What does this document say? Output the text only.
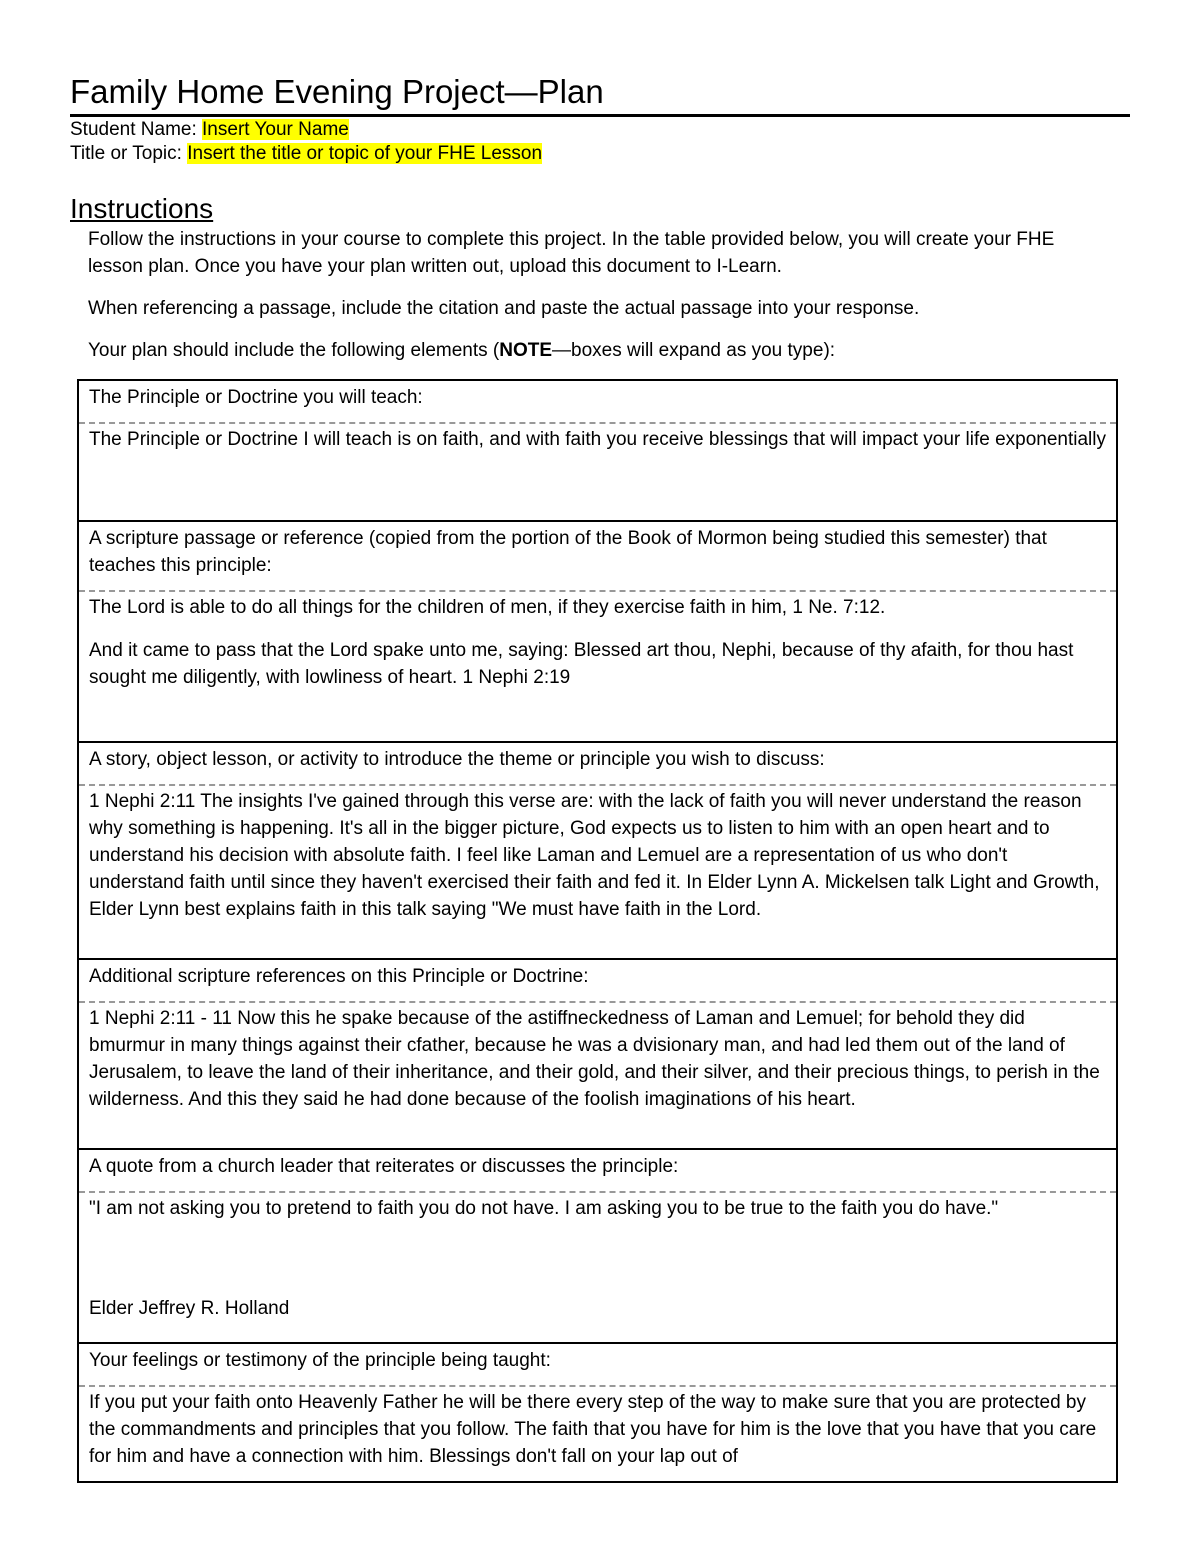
Family Home Evening Project—Plan
Student Name: Insert Your Name
Title or Topic: Insert the title or topic of your FHE Lesson
Instructions

Follow the instructions in your course to complete this project. In the table provided below, you will create your FHE lesson plan. Once you have your plan written out, upload this document to I-Learn.

When referencing a passage, include the citation and paste the actual passage into your response.

Your plan should include the following elements (NOTE—boxes will expand as you type):

The Principle or Doctrine you will teach:

The Principle or Doctrine I will teach is on faith, and with faith you receive blessings that will impact your life exponentially

A scripture passage or reference (copied from the portion of the Book of Mormon being studied this semester) that teaches this principle:

The Lord is able to do all things for the children of men, if they exercise faith in him, 1 Ne. 7:12.

And it came to pass that the Lord spake unto me, saying: Blessed art thou, Nephi, because of thy afaith, for thou hast sought me diligently, with lowliness of heart. 1 Nephi 2:19

A story, object lesson, or activity to introduce the theme or principle you wish to discuss:

1 Nephi 2:11 The insights I've gained through this verse are: with the lack of faith you will never understand the reason why something is happening. It's all in the bigger picture, God expects us to listen to him with an open heart and to understand his decision with absolute faith. I feel like Laman and Lemuel are a representation of us who don't understand faith until since they haven't exercised their faith and fed it. In Elder Lynn A. Mickelsen talk Light and Growth, Elder Lynn best explains faith in this talk saying "We must have faith in the Lord.

Additional scripture references on this Principle or Doctrine:

1 Nephi 2:11 - 11 Now this he spake because of the astiffneckedness of Laman and Lemuel; for behold they did bmurmur in many things against their cfather, because he was a dvisionary man, and had led them out of the land of Jerusalem, to leave the land of their inheritance, and their gold, and their silver, and their precious things, to perish in the wilderness. And this they said he had done because of the foolish imaginations of his heart.

A quote from a church leader that reiterates or discusses the principle:

"I am not asking you to pretend to faith you do not have. I am asking you to be true to the faith you do have."

Elder Jeffrey R. Holland

Your feelings or testimony of the principle being taught:

If you put your faith onto Heavenly Father he will be there every step of the way to make sure that you are protected by the commandments and principles that you follow. The faith that you have for him is the love that you have that you care for him and have a connection with him. Blessings don't fall on your lap out of
